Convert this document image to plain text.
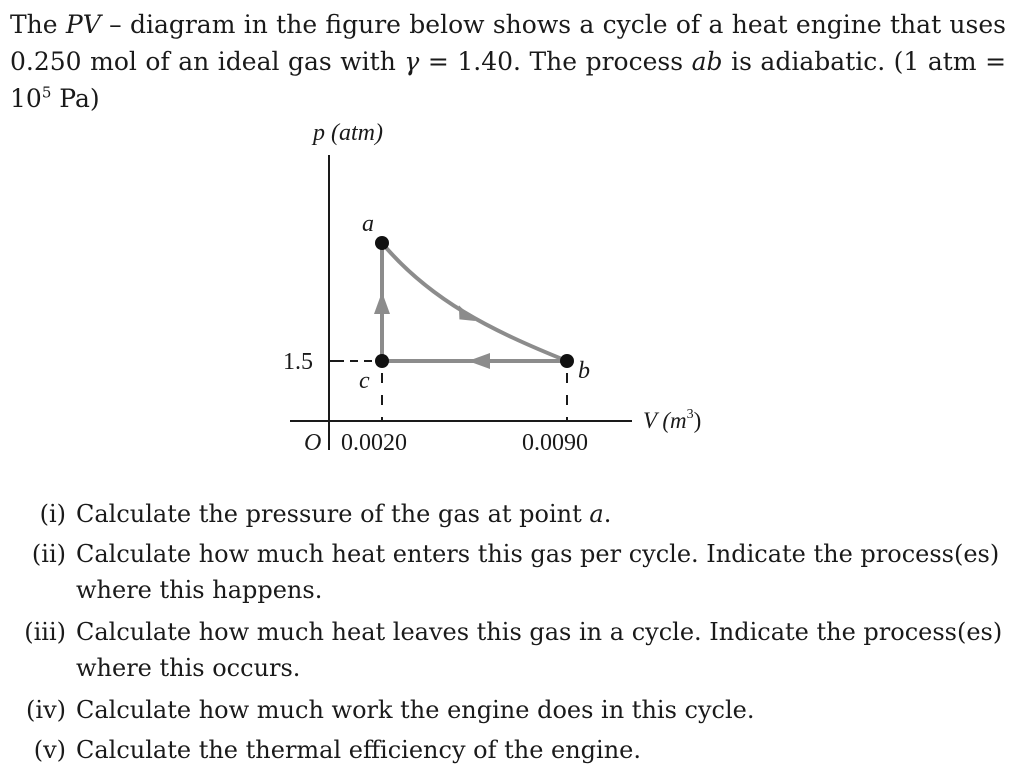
The PV – diagram in the figure below shows a cycle of a heat engine that uses 0.250 mol of an ideal gas with γ = 1.40. The process ab is adiabatic. (1 atm = $10^5$ Pa)
p (atm)
V $(m^3)$
O
1.5
0.0020	0.0090
a
b
c
(i) Calculate the pressure of the gas at point a.
(ii) Calculate how much heat enters this gas per cycle. Indicate the process(es) where this happens.
(iii) Calculate how much heat leaves this gas in a cycle. Indicate the process(es) where this occurs.
(iv) Calculate how much work the engine does in this cycle.
(v) Calculate the thermal efficiency of the engine.
